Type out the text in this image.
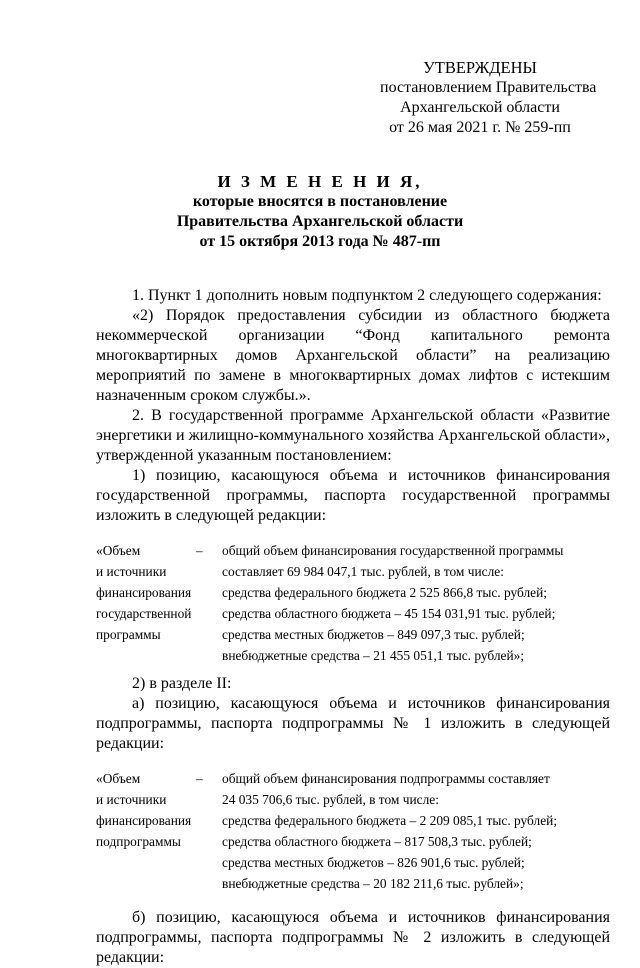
УТВЕРЖДЕНЫ
постановлением Правительства
Архангельской области
от 26 мая 2021 г. № 259-пп
И З М Е Н Е Н И Я,
которые вносятся в постановление
Правительства Архангельской области
от 15 октября 2013 года № 487-пп

1. Пункт 1 дополнить новым подпунктом 2 следующего содержания:

«2) Порядок предоставления субсидии из областного бюджета некоммерческой организации “Фонд капитального ремонта многоквартирных домов Архангельской области” на реализацию мероприятий по замене в многоквартирных домах лифтов с истекшим назначенным сроком службы.».

2. В государственной программе Архангельской области «Развитие энергетики и жилищно-коммунального хозяйства Архангельской области», утвержденной указанным постановлением:

1) позицию, касающуюся объема и источников финансирования государственной программы, паспорта государственной программы изложить в следующей редакции:

«Объем
и источники
финансирования
государственной
программы
–	общий объем финансирования государственной программы
составляет 69 984 047,1 тыс. рублей, в том числе:
средства федерального бюджета 2 525 866,8 тыс. рублей;
средства областного бюджета – 45 154 031,91 тыс. рублей;
средства местных бюджетов – 849 097,3 тыс. рублей;
внебюджетные средства – 21 455 051,1 тыс. рублей»;

2) в разделе II:

а) позицию, касающуюся объема и источников финансирования подпрограммы, паспорта подпрограммы № 1 изложить в следующей редакции:

«Объем
и источники
финансирования
подпрограммы
–	общий объем финансирования подпрограммы составляет
24 035 706,6 тыс. рублей, в том числе:
средства федерального бюджета – 2 209 085,1 тыс. рублей;
средства областного бюджета – 817 508,3 тыс. рублей;
средства местных бюджетов – 826 901,6 тыс. рублей;
внебюджетные средства – 20 182 211,6 тыс. рублей»;

б) позицию, касающуюся объема и источников финансирования подпрограммы, паспорта подпрограммы № 2 изложить в следующей редакции:
